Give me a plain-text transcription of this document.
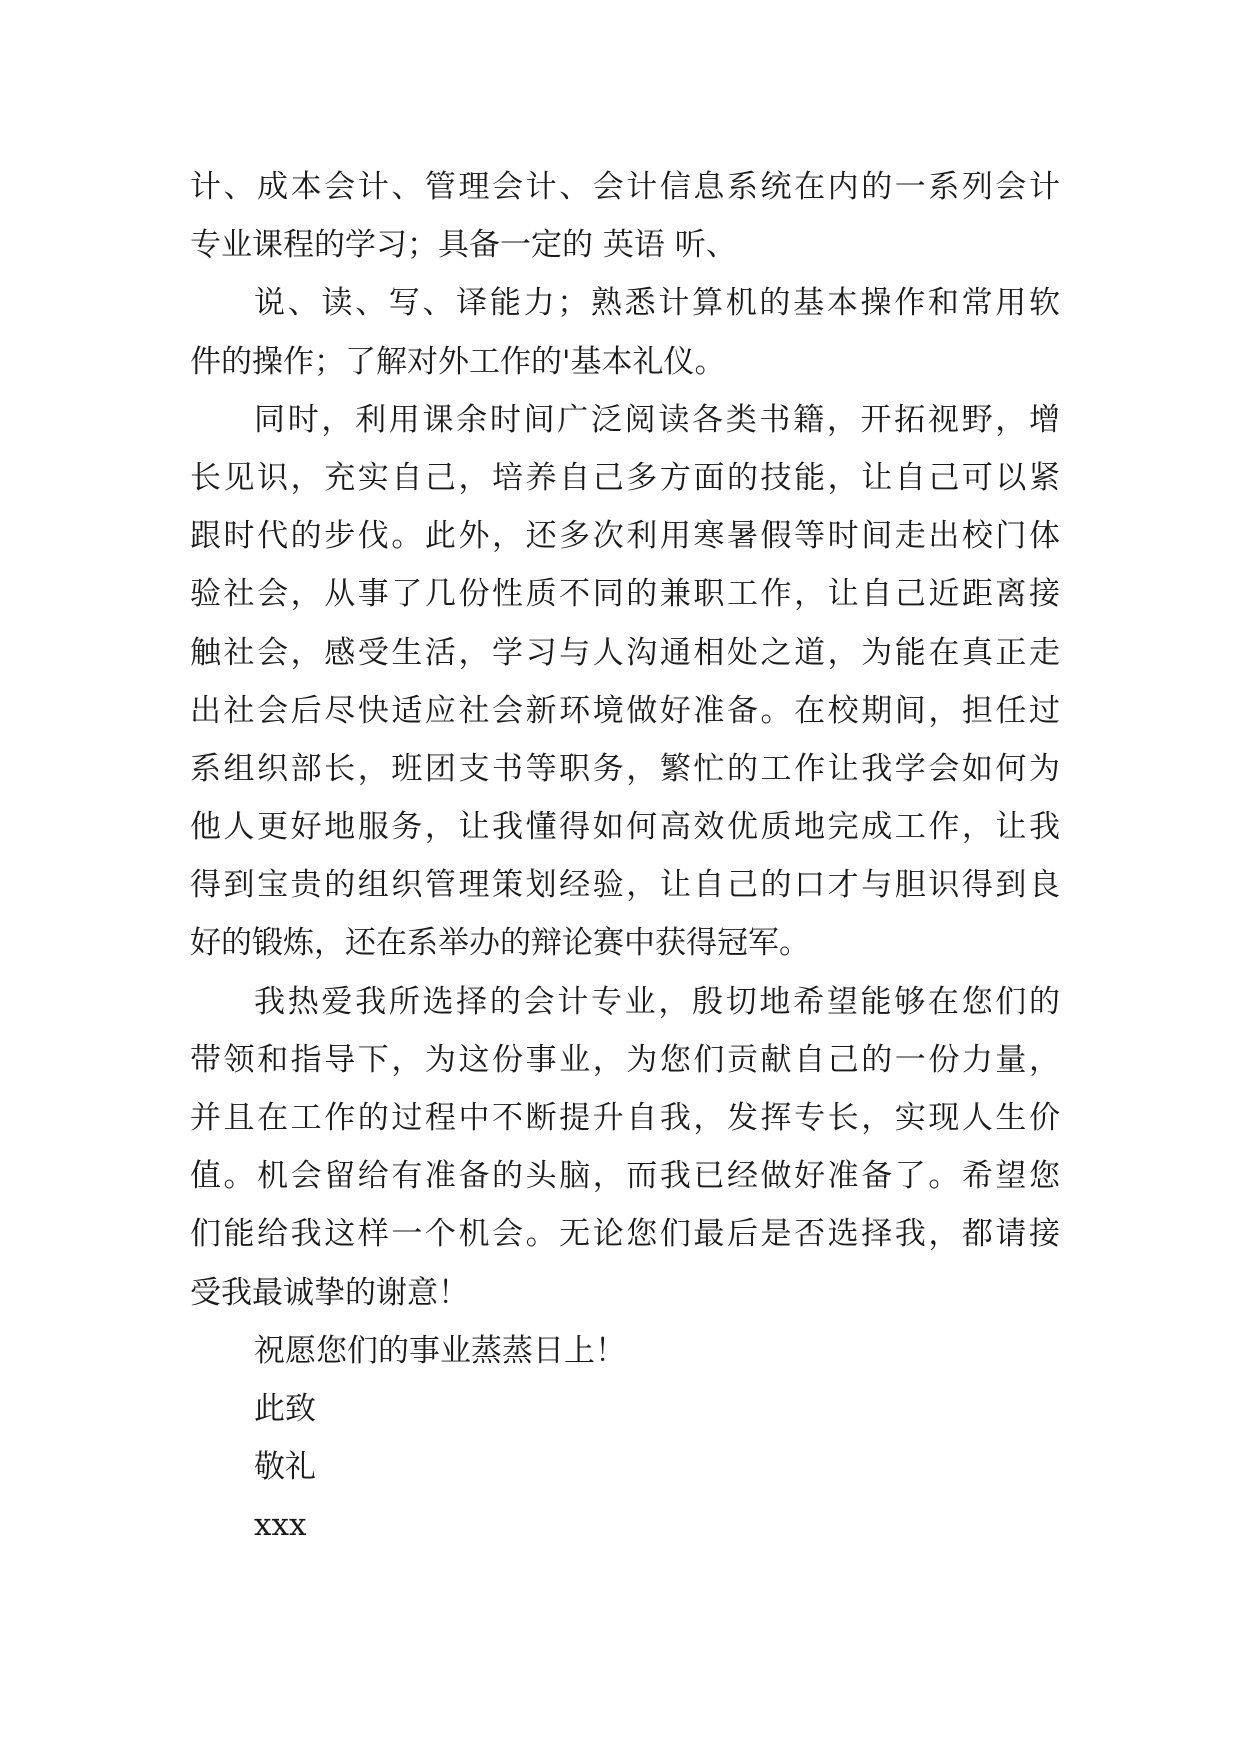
计、成本会计、管理会计、会计信息系统在内的一系列会计
专业课程的学习；具备一定的 英语 听、
说、读、写、译能力；熟悉计算机的基本操作和常用软
件的操作；了解对外工作的'基本礼仪。
同时，利用课余时间广泛阅读各类书籍，开拓视野，增
长见识，充实自己，培养自己多方面的技能，让自己可以紧
跟时代的步伐。此外，还多次利用寒暑假等时间走出校门体
验社会，从事了几份性质不同的兼职工作，让自己近距离接
触社会，感受生活，学习与人沟通相处之道，为能在真正走
出社会后尽快适应社会新环境做好准备。在校期间，担任过
系组织部长，班团支书等职务，繁忙的工作让我学会如何为
他人更好地服务，让我懂得如何高效优质地完成工作，让我
得到宝贵的组织管理策划经验，让自己的口才与胆识得到良
好的锻炼，还在系举办的辩论赛中获得冠军。
我热爱我所选择的会计专业，殷切地希望能够在您们的
带领和指导下，为这份事业，为您们贡献自己的一份力量，
并且在工作的过程中不断提升自我，发挥专长，实现人生价
值。机会留给有准备的头脑，而我已经做好准备了。希望您
们能给我这样一个机会。无论您们最后是否选择我，都请接
受我最诚挚的谢意！
祝愿您们的事业蒸蒸日上！
此致
敬礼
xxx
